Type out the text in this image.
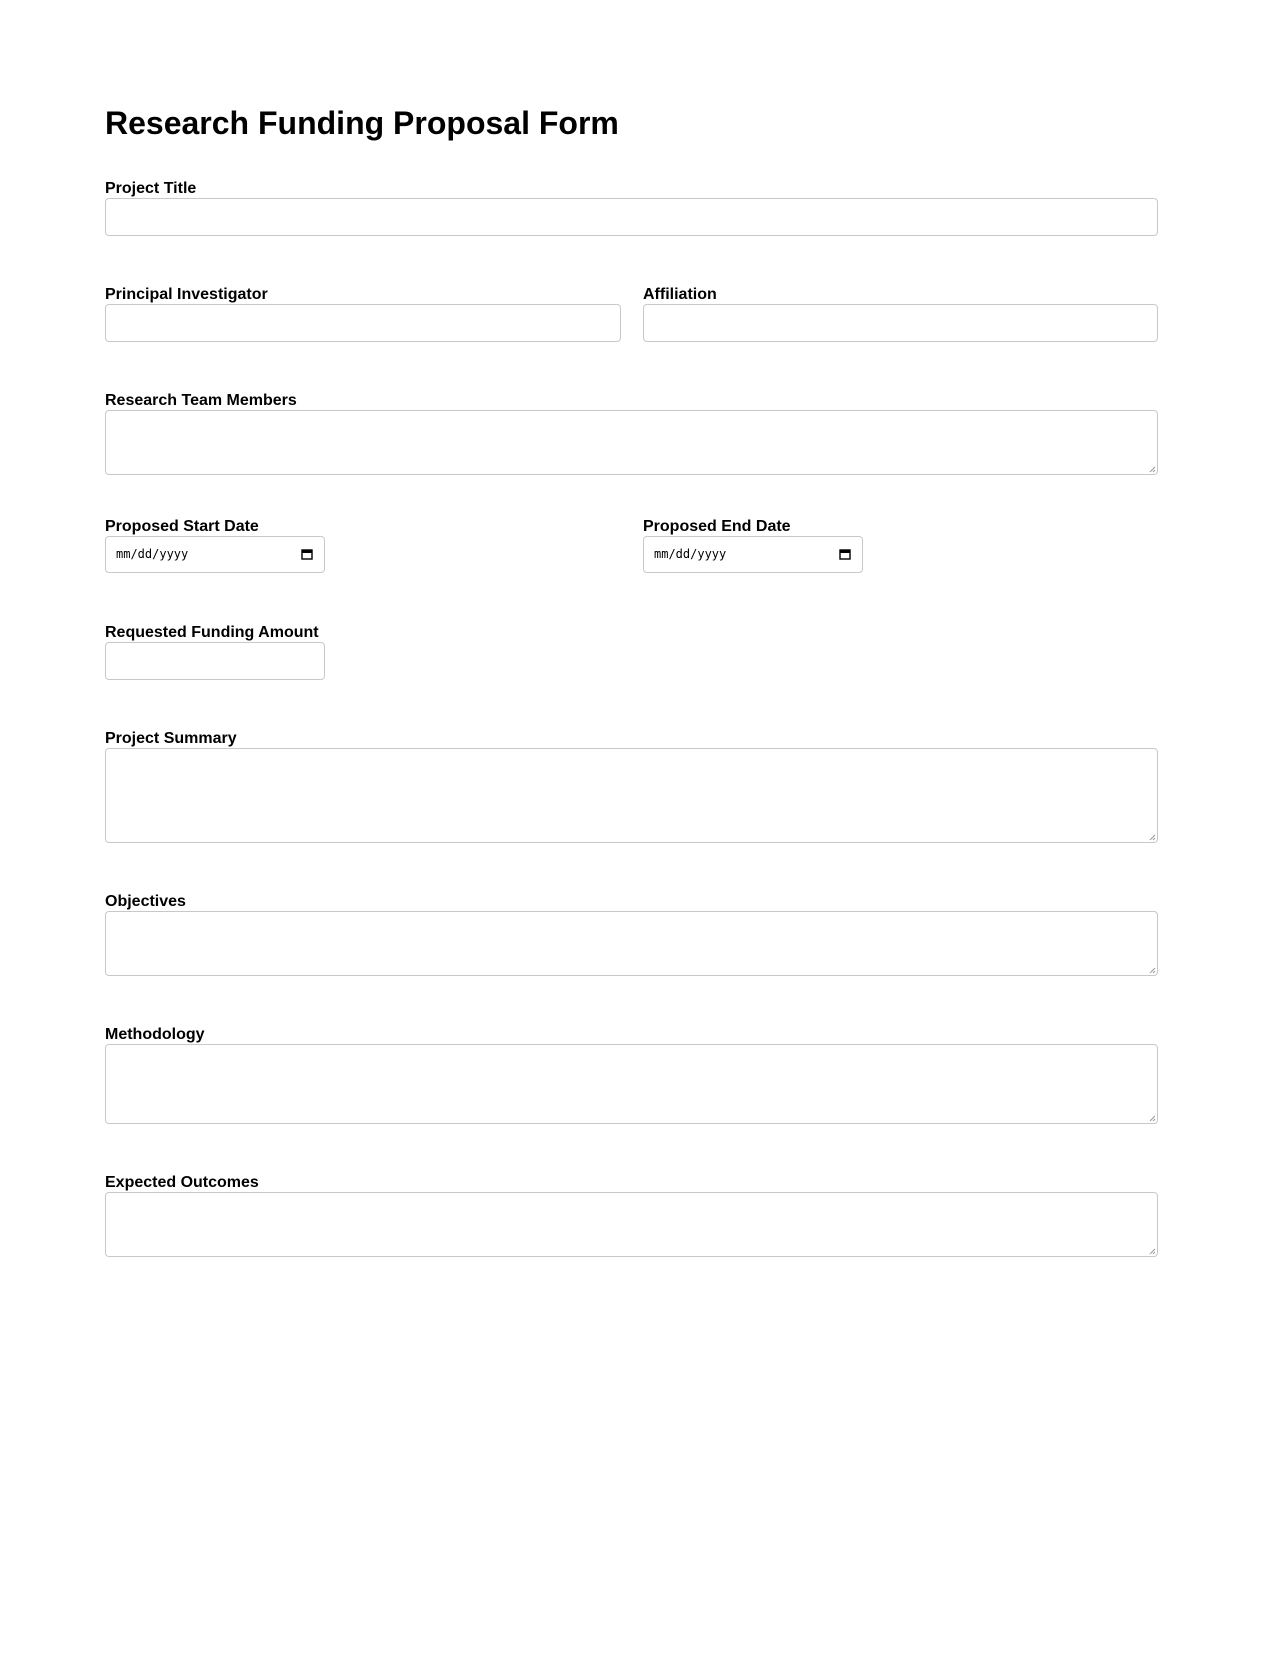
Research Funding Proposal Form
Project Title
Principal Investigator	Affiliation
Research Team Members
Proposed Start Date
mm/dd/yyyy
Proposed End Date
mm/dd/yyyy
Requested Funding Amount
Project Summary
Objectives
Methodology
Expected Outcomes
